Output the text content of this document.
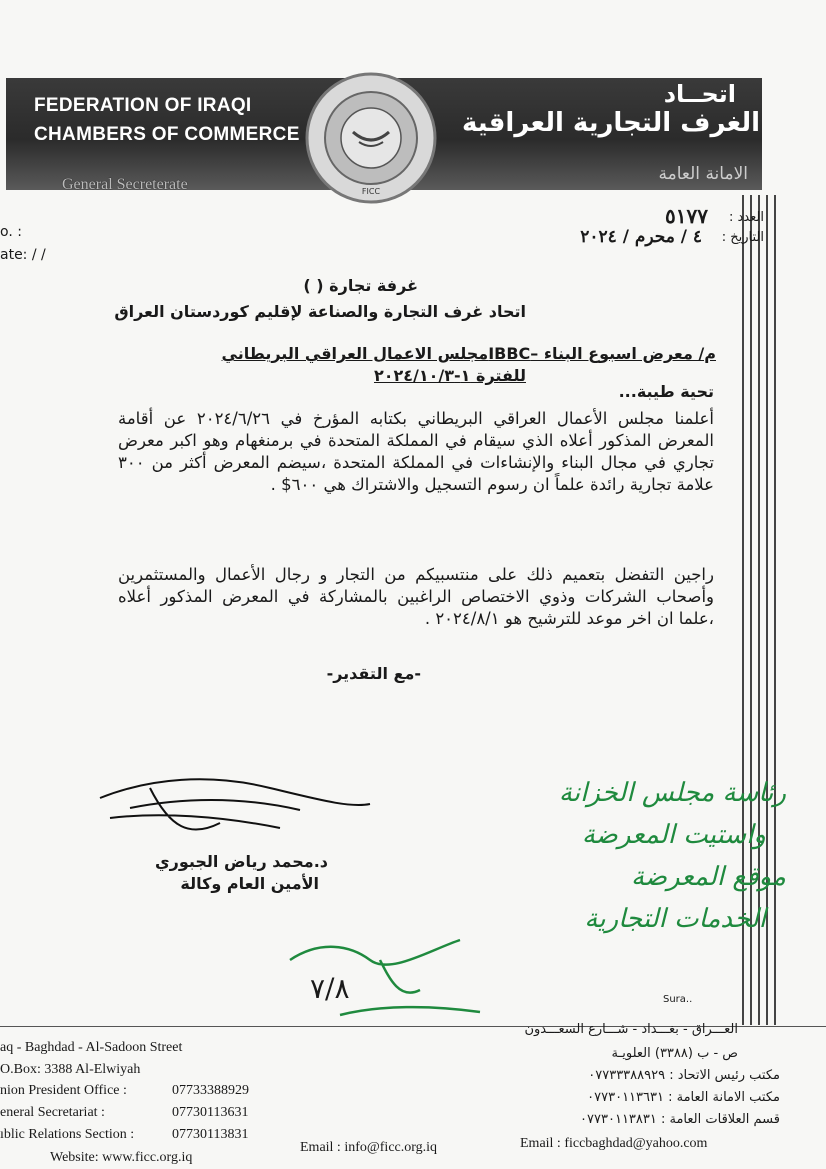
FEDERATION OF IRAQI
CHAMBERS OF COMMERCE
General Secreterate
اتحــاد
الغرف التجارية العراقية
الامانة العامة
FICC
العدد :
٥١٧٧
التاريخ :
٤ / محرم / ٢٠٢٤
o. :
ate: / /
غرفة تجارة ( )
اتحاد غرف التجارة والصناعة لإقليم كوردستان العراق
م/ معرض اسبوع البناء –IBBCمجلس الاعمال العراقي البريطاني
للفترة ١-٢٠٢٤/١٠/٣
تحية طيبة...
أعلمنا مجلس الأعمال العراقي البريطاني بكتابه المؤرخ في ٢٠٢٤/٦/٢٦ عن أقامة المعرض المذكور أعلاه الذي سيقام في المملكة المتحدة في برمنغهام وهو اكبر معرض تجاري في مجال البناء والإنشاءات في المملكة المتحدة ،سيضم المعرض أكثر من ٣٠٠ علامة تجارية رائدة علماً ان رسوم التسجيل والاشتراك هي ٦٠٠$ .
راجين التفضل بتعميم ذلك على منتسبيكم من التجار و رجال الأعمال والمستثمرين وأصحاب الشركات وذوي الاختصاص الراغبين بالمشاركة في المعرض المذكور أعلاه ،علما ان اخر موعد للترشيح هو ٢٠٢٤/٨/١ .
-مع التقدير-
د.محمد رياض الجبوري
الأمين العام وكالة
رئاسة مجلس الخزانة
واستيت المعرضة
موقع المعرضة
الخدمات التجارية
٧/٨	Sura..
aq - Baghdad - Al-Sadoon Street
O.Box: 3388 Al-Elwiyah
nion President Office :	07733388929
eneral Secretariat :	07730113631
ıblic Relations Section :	07730113831
Website: www.ficc.org.iq
Email : info@ficc.org.iq	Email : ficcbaghdad@yahoo.com
العـــراق - بغـــداد - شـــارع السعـــدون
ص - ب (٣٣٨٨) العلويـة
مكتب رئيس الاتحاد : ٠٧٧٣٣٣٨٨٩٢٩
مكتب الامانة العامة : ٠٧٧٣٠١١٣٦٣١
قسم العلاقات العامة : ٠٧٧٣٠١١٣٨٣١
